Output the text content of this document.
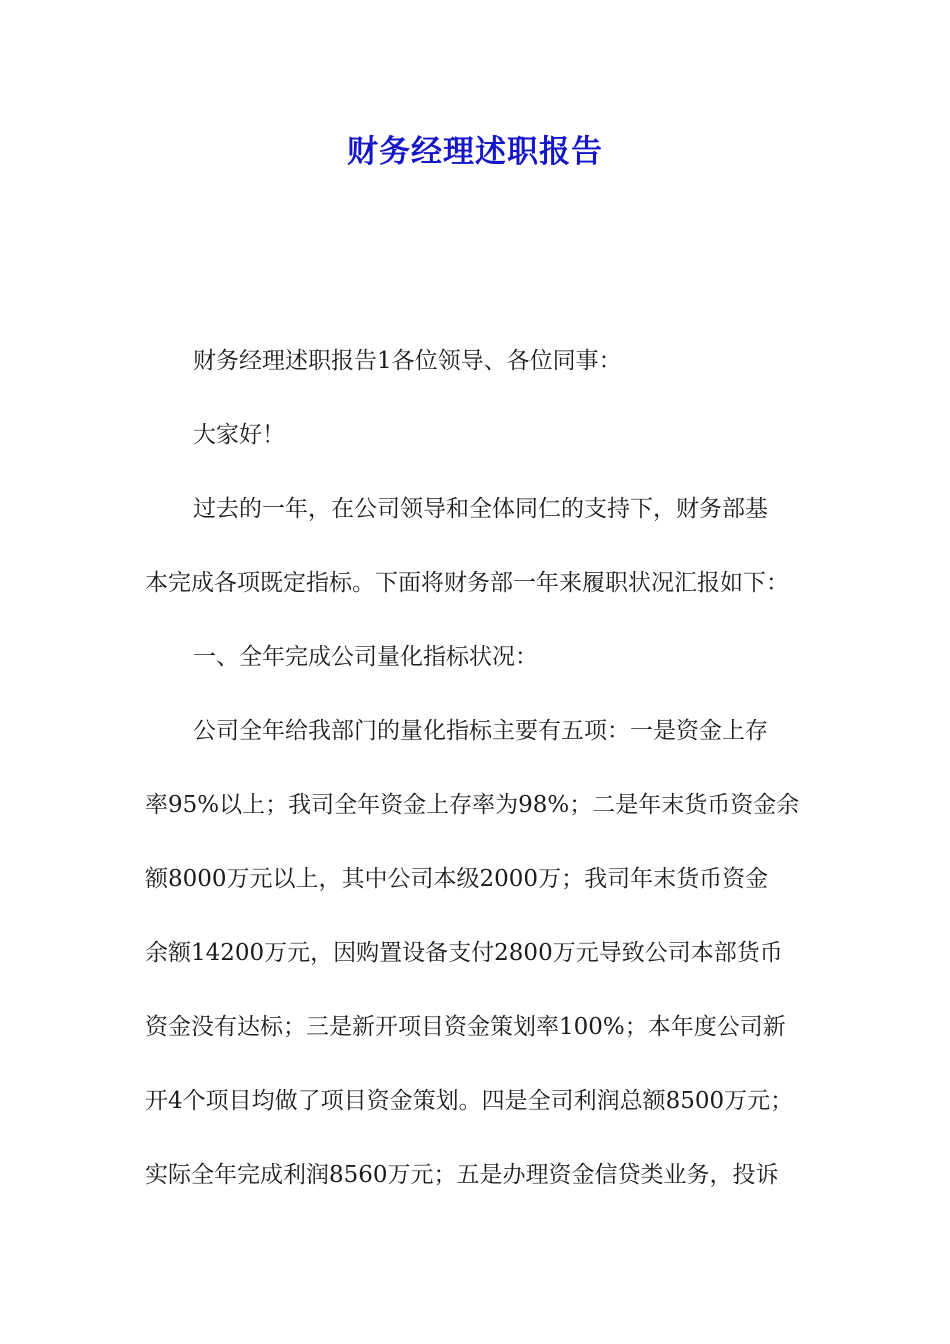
财务经理述职报告
财务经理述职报告1各位领导、各位同事：
大家好！
过去的一年，在公司领导和全体同仁的支持下，财务部基
本完成各项既定指标。下面将财务部一年来履职状况汇报如下：
一、全年完成公司量化指标状况：
公司全年给我部门的量化指标主要有五项：一是资金上存
率95%以上；我司全年资金上存率为98%；二是年末货币资金余
额8000万元以上，其中公司本级2000万；我司年末货币资金
余额14200万元，因购置设备支付2800万元导致公司本部货币
资金没有达标；三是新开项目资金策划率100%；本年度公司新
开4个项目均做了项目资金策划。四是全司利润总额8500万元；
实际全年完成利润8560万元；五是办理资金信贷类业务，投诉
